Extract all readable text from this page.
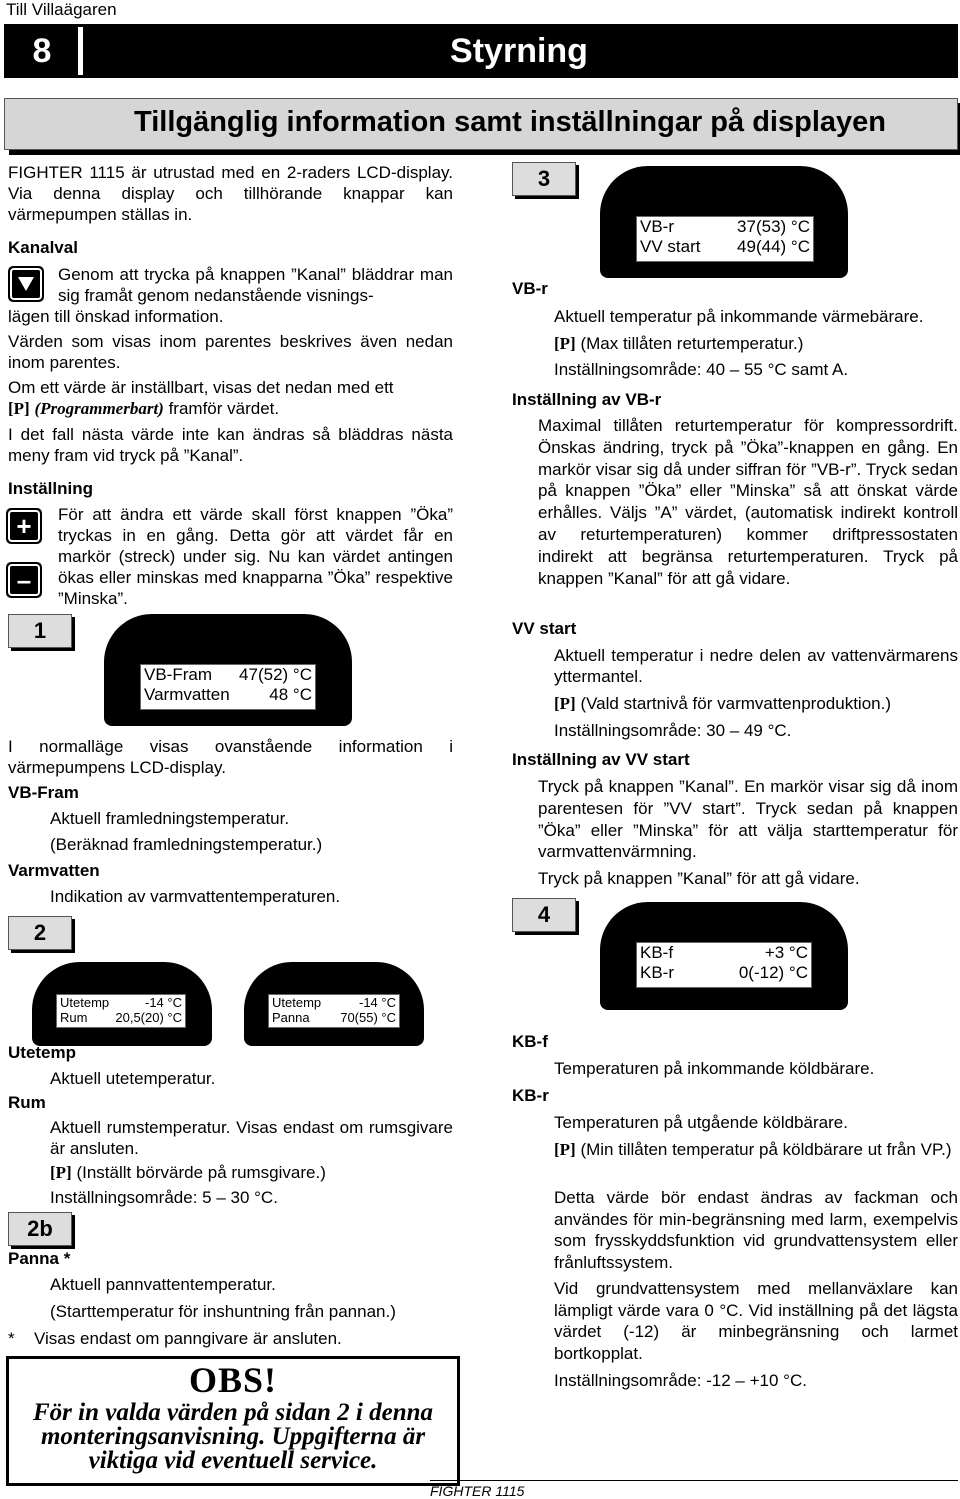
Till Villaägaren
8	Styrning
Tillgänglig information samt inställningar på displayen
FIGHTER 1115 är utrustad med en 2-raders LCD-display. Via denna display och tillhörande knappar kan värmepumpen ställas in.
Kanalval
Genom att trycka på knappen ”Kanal” bläddrar man sig framåt genom nedanstående visnings-
lägen till önskad information.
Värden som visas inom parentes beskrives även nedan inom parentes.
Om ett värde är inställbart, visas det nedan med ett
[P] (Programmerbart) framför värdet.
I det fall nästa värde inte kan ändras så bläddras nästa meny fram vid tryck på ”Kanal”.
Inställning
+
–
För att ändra ett värde skall först knappen ”Öka” tryckas in en gång. Detta gör att värdet får en markör (streck) under sig. Nu kan värdet antingen ökas eller minskas med knapparna ”Öka” respektive ”Minska”.
1
VB-Fram 47(52) °C
Varmvatten 48 °C
I normalläge visas ovanstående information i värmepumpens LCD-display.
VB-Fram
Aktuell framledningstemperatur.
(Beräknad framledningstemperatur.)
Varmvatten
Indikation av varmvattentemperaturen.
2
Utetemp	-14 °C
Rum 20,5(20) °C
Utetemp	-14 °C
Panna 70(55) °C
Utetemp
Aktuell utetemperatur.
Rum
Aktuell rumstemperatur. Visas endast om rumsgivare är ansluten.
[P] (Inställt börvärde på rumsgivare.)
Inställningsområde: 5 – 30 °C.
2b
Panna *
Aktuell pannvattentemperatur.
(Starttemperatur för inshuntning från pannan.)
* Visas endast om panngivare är ansluten.
OBS!
För in valda värden på sidan 2 i denna monteringsanvisning. Uppgifterna är viktiga vid eventuell service.
3
VB-r	37(53) °C
VV start 49(44) °C
VB-r
Aktuell temperatur på inkommande värmebärare.
[P] (Max tillåten returtemperatur.)
Inställningsområde: 40 – 55 °C samt A.
Inställning av VB-r
Maximal tillåten returtemperatur för kompressordrift. Önskas ändring, tryck på ”Öka”-knappen en gång. En markör visar sig då under siffran för ”VB-r”. Tryck sedan på knappen ”Öka” eller ”Minska” så att önskat värde erhålles. Väljs ”A” värdet, (automatisk indirekt kontroll av returtemperaturen) kommer driftpressostaten indirekt att begränsa returtemperaturen. Tryck på knappen ”Kanal” för att gå vidare.
VV start
Aktuell temperatur i nedre delen av vattenvärmarens yttermantel.
[P] (Vald startnivå för varmvattenproduktion.)
Inställningsområde: 30 – 49 °C.
Inställning av VV start
Tryck på knappen ”Kanal”. En markör visar sig då inom parentesen för ”VV start”. Tryck sedan på knappen ”Öka” eller ”Minska” för att välja starttemperatur för varmvattenvärmning.
Tryck på knappen ”Kanal” för att gå vidare.
4
KB-f	+3 °C
KB-r	0(-12) °C
KB-f
Temperaturen på inkommande köldbärare.
KB-r
Temperaturen på utgående köldbärare.
[P] (Min tillåten temperatur på köldbärare ut från VP.)
Detta värde bör endast ändras av fackman och användes för min-begränsning med larm, exempelvis som frysskyddsfunktion vid grundvattensystem eller frånluftssystem.
Vid grundvattensystem med mellanväxlare kan lämpligt värde vara 0 °C. Vid inställning på det lägsta värdet (-12) är minbegränsning och larmet bortkopplat.
Inställningsområde: -12 – +10 °C.
FIGHTER 1115
